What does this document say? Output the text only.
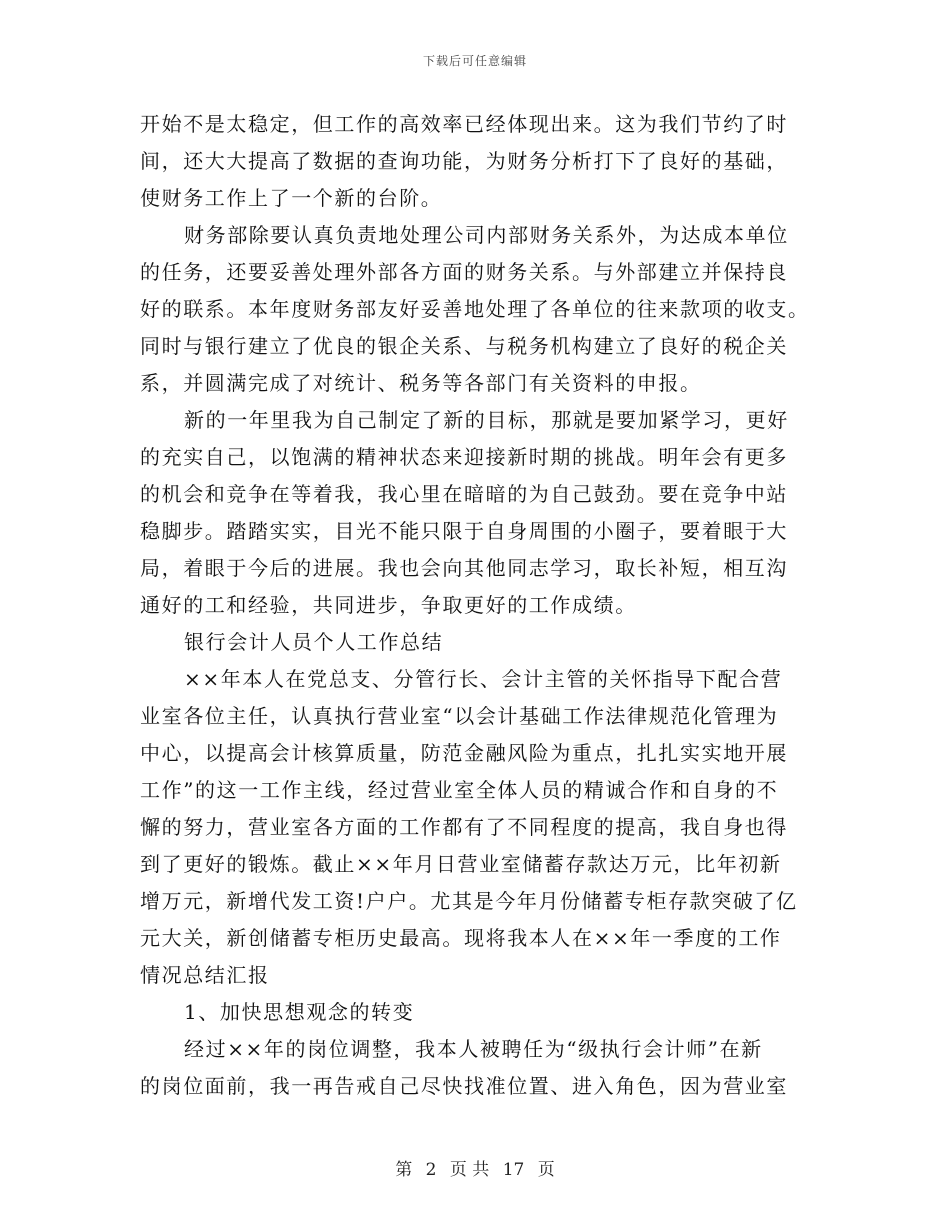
下载后可任意编辑
开始不是太稳定，但工作的高效率已经体现出来。这为我们节约了时
间，还大大提高了数据的查询功能，为财务分析打下了良好的基础，
使财务工作上了一个新的台阶。
财务部除要认真负责地处理公司内部财务关系外，为达成本单位
的任务，还要妥善处理外部各方面的财务关系。与外部建立并保持良
好的联系。本年度财务部友好妥善地处理了各单位的往来款项的收支。
同时与银行建立了优良的银企关系、与税务机构建立了良好的税企关
系，并圆满完成了对统计、税务等各部门有关资料的申报。
新的一年里我为自己制定了新的目标，那就是要加紧学习，更好
的充实自己，以饱满的精神状态来迎接新时期的挑战。明年会有更多
的机会和竞争在等着我，我心里在暗暗的为自己鼓劲。要在竞争中站
稳脚步。踏踏实实，目光不能只限于自身周围的小圈子，要着眼于大
局，着眼于今后的进展。我也会向其他同志学习，取长补短，相互沟
通好的工和经验，共同进步，争取更好的工作成绩。
银行会计人员个人工作总结
××年本人在党总支、分管行长、会计主管的关怀指导下配合营
业室各位主任，认真执行营业室“以会计基础工作法律规范化管理为
中心，以提高会计核算质量，防范金融风险为重点，扎扎实实地开展
工作”的这一工作主线，经过营业室全体人员的精诚合作和自身的不
懈的努力，营业室各方面的工作都有了不同程度的提高，我自身也得
到了更好的锻炼。截止××年月日营业室储蓄存款达万元，比年初新
增万元，新增代发工资!户户。尤其是今年月份储蓄专柜存款突破了亿
元大关，新创储蓄专柜历史最高。现将我本人在××年一季度的工作
情况总结汇报
1、加快思想观念的转变
经过××年的岗位调整，我本人被聘任为“级执行会计师”在新
的岗位面前，我一再告戒自己尽快找准位置、进入角色，因为营业室
第 2 页 共 17 页
